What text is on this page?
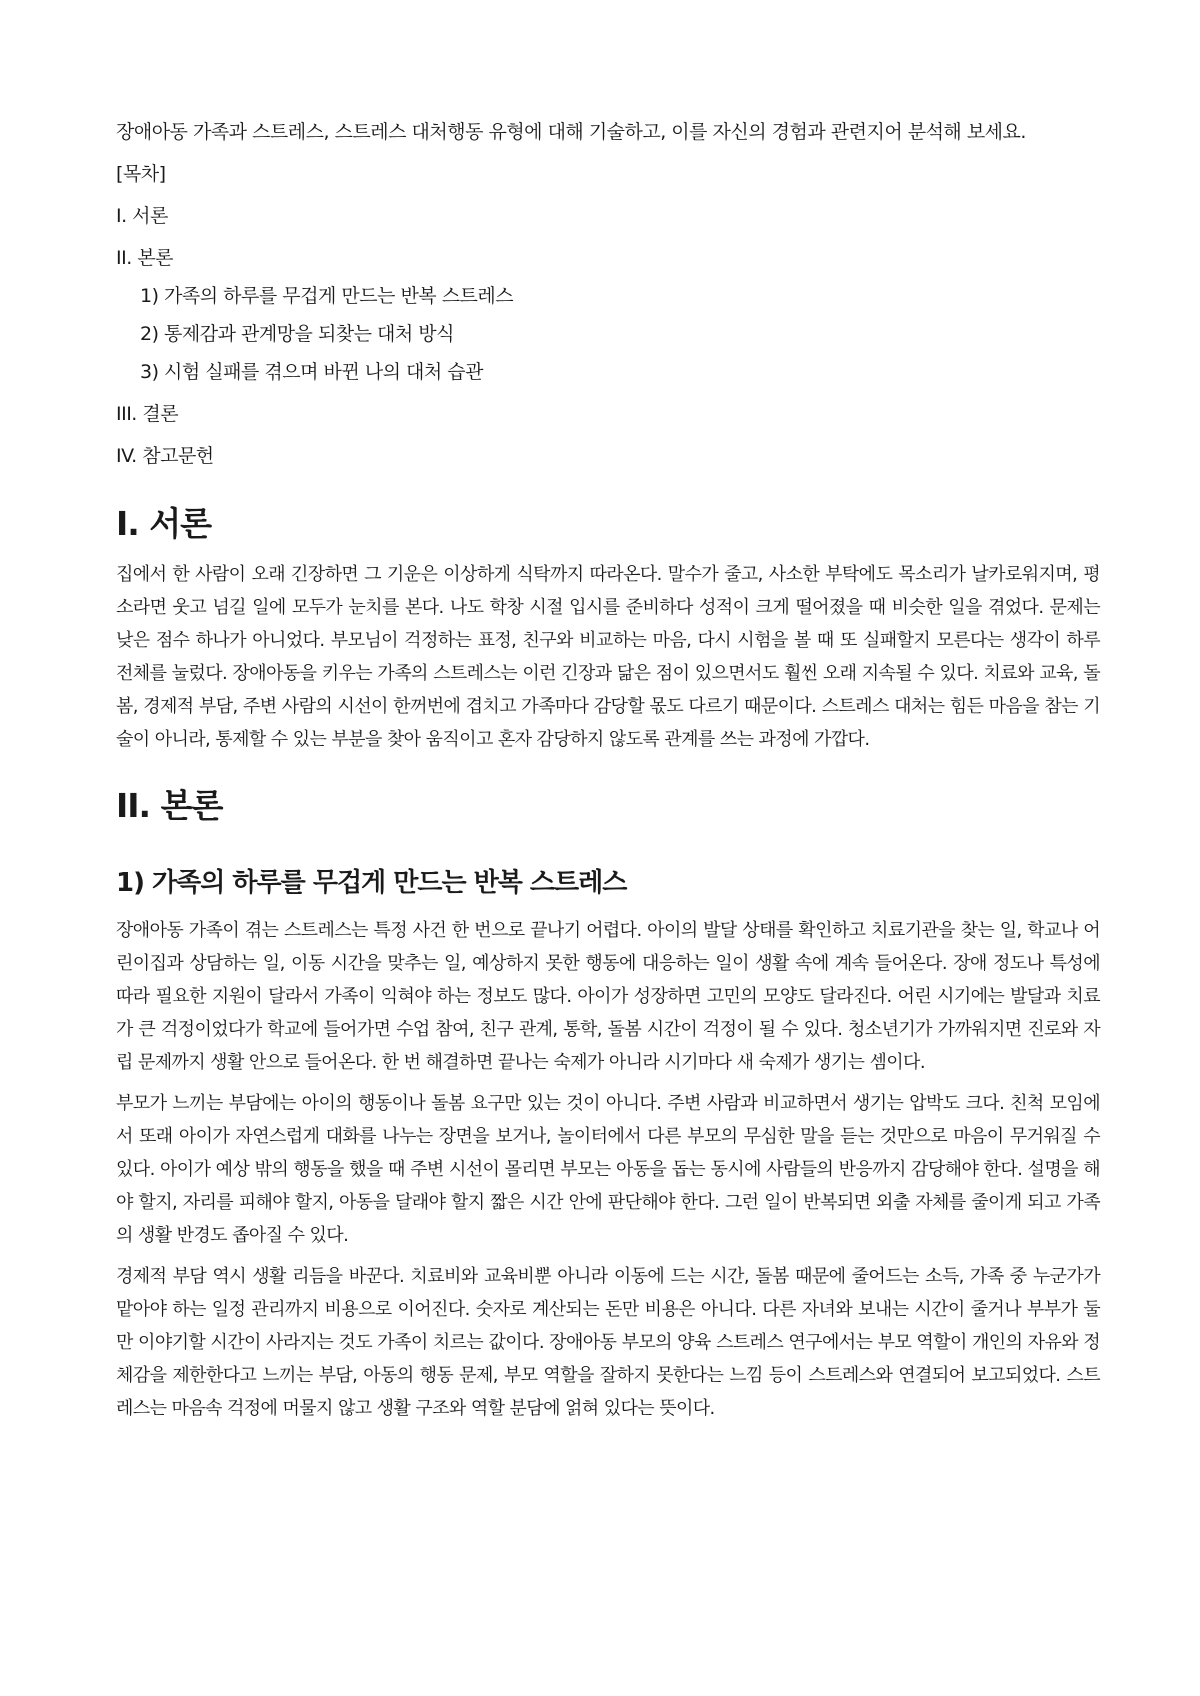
장애아동 가족과 스트레스, 스트레스 대처행동 유형에 대해 기술하고, 이를 자신의 경험과 관련지어 분석해 보세요.

[목차]
I. 서론
II. 본론
1) 가족의 하루를 무겁게 만드는 반복 스트레스
2) 통제감과 관계망을 되찾는 대처 방식
3) 시험 실패를 겪으며 바뀐 나의 대처 습관
III. 결론
IV. 참고문헌
I. 서론

집에서 한 사람이 오래 긴장하면 그 기운은 이상하게 식탁까지 따라온다. 말수가 줄고, 사소한 부탁에도 목소리가 날카로워지며, 평소라면 웃고 넘길 일에 모두가 눈치를 본다. 나도 학창 시절 입시를 준비하다 성적이 크게 떨어졌을 때 비슷한 일을 겪었다. 문제는 낮은 점수 하나가 아니었다. 부모님이 걱정하는 표정, 친구와 비교하는 마음, 다시 시험을 볼 때 또 실패할지 모른다는 생각이 하루 전체를 눌렀다. 장애아동을 키우는 가족의 스트레스는 이런 긴장과 닮은 점이 있으면서도 훨씬 오래 지속될 수 있다. 치료와 교육, 돌봄, 경제적 부담, 주변 사람의 시선이 한꺼번에 겹치고 가족마다 감당할 몫도 다르기 때문이다. 스트레스 대처는 힘든 마음을 참는 기술이 아니라, 통제할 수 있는 부분을 찾아 움직이고 혼자 감당하지 않도록 관계를 쓰는 과정에 가깝다.

II. 본론
1) 가족의 하루를 무겁게 만드는 반복 스트레스

장애아동 가족이 겪는 스트레스는 특정 사건 한 번으로 끝나기 어렵다. 아이의 발달 상태를 확인하고 치료기관을 찾는 일, 학교나 어린이집과 상담하는 일, 이동 시간을 맞추는 일, 예상하지 못한 행동에 대응하는 일이 생활 속에 계속 들어온다. 장애 정도나 특성에 따라 필요한 지원이 달라서 가족이 익혀야 하는 정보도 많다. 아이가 성장하면 고민의 모양도 달라진다. 어린 시기에는 발달과 치료가 큰 걱정이었다가 학교에 들어가면 수업 참여, 친구 관계, 통학, 돌봄 시간이 걱정이 될 수 있다. 청소년기가 가까워지면 진로와 자립 문제까지 생활 안으로 들어온다. 한 번 해결하면 끝나는 숙제가 아니라 시기마다 새 숙제가 생기는 셈이다.

부모가 느끼는 부담에는 아이의 행동이나 돌봄 요구만 있는 것이 아니다. 주변 사람과 비교하면서 생기는 압박도 크다. 친척 모임에서 또래 아이가 자연스럽게 대화를 나누는 장면을 보거나, 놀이터에서 다른 부모의 무심한 말을 듣는 것만으로 마음이 무거워질 수 있다. 아이가 예상 밖의 행동을 했을 때 주변 시선이 몰리면 부모는 아동을 돕는 동시에 사람들의 반응까지 감당해야 한다. 설명을 해야 할지, 자리를 피해야 할지, 아동을 달래야 할지 짧은 시간 안에 판단해야 한다. 그런 일이 반복되면 외출 자체를 줄이게 되고 가족의 생활 반경도 좁아질 수 있다.

경제적 부담 역시 생활 리듬을 바꾼다. 치료비와 교육비뿐 아니라 이동에 드는 시간, 돌봄 때문에 줄어드는 소득, 가족 중 누군가가 맡아야 하는 일정 관리까지 비용으로 이어진다. 숫자로 계산되는 돈만 비용은 아니다. 다른 자녀와 보내는 시간이 줄거나 부부가 둘만 이야기할 시간이 사라지는 것도 가족이 치르는 값이다. 장애아동 부모의 양육 스트레스 연구에서는 부모 역할이 개인의 자유와 정체감을 제한한다고 느끼는 부담, 아동의 행동 문제, 부모 역할을 잘하지 못한다는 느낌 등이 스트레스와 연결되어 보고되었다. 스트레스는 마음속 걱정에 머물지 않고 생활 구조와 역할 분담에 얽혀 있다는 뜻이다.
